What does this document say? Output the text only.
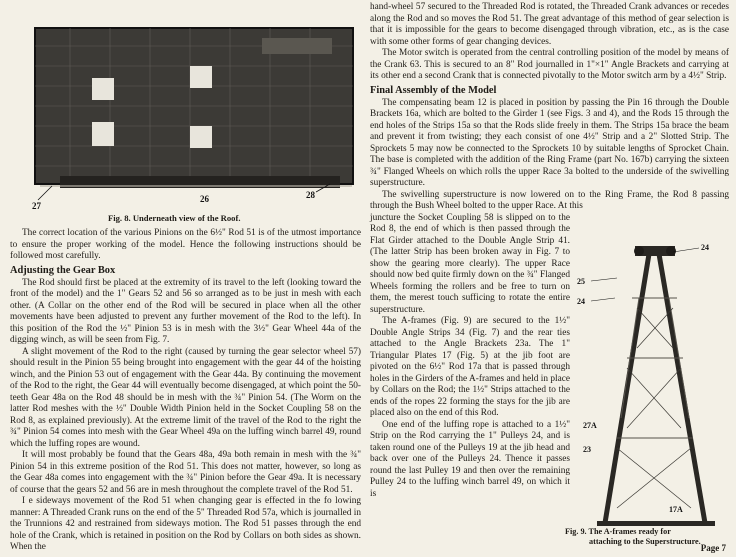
27
26	28
Fig. 8. Underneath view of the Roof.

The correct location of the various Pinions on the 6½" Rod 51 is of the utmost importance to ensure the proper working of the model. Hence the following instructions should be followed most carefully.

Adjusting the Gear Box

The Rod should first be placed at the extremity of its travel to the left (looking toward the front of the model) and the 1" Gears 52 and 56 so arranged as to be just in mesh with each other. (A Collar on the other end of the Rod will be secured in place when all the other movements have been adjusted to prevent any further movement of the Rod to the left). In this position of the Rod the ½" Pinion 53 is in mesh with the 3½" Gear Wheel 44a of the digging winch, as will be seen from Fig. 7.

A slight movement of the Rod to the right (caused by turning the gear selector wheel 57) should result in the Pinion 55 being brought into engagement with the gear 44 of the hoisting winch, and the Pinion 53 out of engagement with the Gear 44a. By continuing the movement of the Rod to the right, the Gear 44 will eventually become disengaged, at which point the 50-teeth Gear 48a on the Rod 48 should be in mesh with the ¾" Pinion 54. (The Worm on the latter Rod meshes with the ½" Double Width Pinion held in the Socket Coupling 58 on the Rod 8, as explained previously). At the extreme limit of the travel of the Rod to the right the ¾" Pinion 54 comes into mesh with the Gear Wheel 49a on the luffing winch barrel 49, round which the luffing ropes are wound.

It will most probably be found that the Gears 48a, 49a both remain in mesh with the ¾" Pinion 54 in this extreme position of the Rod 51. This does not matter, however, so long as the Gear 48a comes into engagement with the ¾" Pinion before the Gear 49a. It is necessary of course that the gears 52 and 56 are in mesh throughout the complete travel of the Rod 51.

I e sideways movement of the Rod 51 when changing gear is effected in the fo lowing manner: A Threaded Crank runs on the end of the 5" Threaded Rod 57a, which is journalled in the Trunnions 42 and restrained from sideways motion. The Rod 51 passes through the end hole of the Crank, which is retained in position on the Rod by Collars on both sides as shown. When the

hand-wheel 57 secured to the Threaded Rod is rotated, the Threaded Crank advances or recedes along the Rod and so moves the Rod 51. The great advantage of this method of gear selection is that it is impossible for the gears to become disengaged through vibration, etc., as is the case with some other forms of gear changing devices.

The Motor switch is operated from the central controlling position of the model by means of the Crank 63. This is secured to an 8" Rod journalled in 1"×1" Angle Brackets and carrying at its other end a second Crank that is connected pivotally to the Motor switch arm by a 4½" Strip.

Final Assembly of the Model

The compensating beam 12 is placed in position by passing the Pin 16 through the Double Brackets 16a, which are bolted to the Girder 1 (see Figs. 3 and 4), and the Rods 15 through the end holes of the Strips 15a so that the Rods slide freely in them. The Strips 15a brace the beam and prevent it from twisting; they each consist of one 4½" Strip and a 2" Slotted Strip. The Sprockets 5 may now be connected to the Sprockets 10 by suitable lengths of Sprocket Chain. The base is completed with the addition of the Ring Frame (part No. 167b) carrying the sixteen ¾" Flanged Wheels on which rolls the upper Race 3a bolted to the underside of the swivelling superstructure.

The swivelling superstructure is now lowered on to the Ring Frame, the Rod 8 passing through the Bush Wheel bolted to the upper Race. At this

juncture the Socket Coupling 58 is slipped on to the Rod 8, the end of which is then passed through the Flat Girder attached to the Double Angle Strip 41. (The latter Strip has been broken away in Fig. 7 to show the gearing more clearly). The upper Race should now bed quite firmly down on the ¾" Flanged Wheels forming the rollers and be free to turn on them, the merest touch sufficing to rotate the entire superstructure.

The A-frames (Fig. 9) are secured to the 1½" Double Angle Strips 34 (Fig. 7) and the rear ties attached to the Angle Brackets 23a. The 1" Triangular Plates 17 (Fig. 5) at the jib foot are pivoted on the 6½" Rod 17a that is passed through holes in the Girders of the A-frames and held in place by Collars on the Rod; the 1½" Strips attached to the ends of the ropes 22 forming the stays for the jib are placed also on the end of this Rod.

One end of the luffing rope is attached to a 1½" Strip on the Rod carrying the 1" Pulleys 24, and is taken round one of the Pulleys 19 at the jib head and back over one of the Pulleys 24. Thence it passes round the last Pulley 19 and then over the remaining Pulley 24 to the luffing winch barrel 49, on which it is

24
25
24
27A
23
17A
Fig. 9. The A-frames ready for
attaching to the Superstructure.
Page 7
